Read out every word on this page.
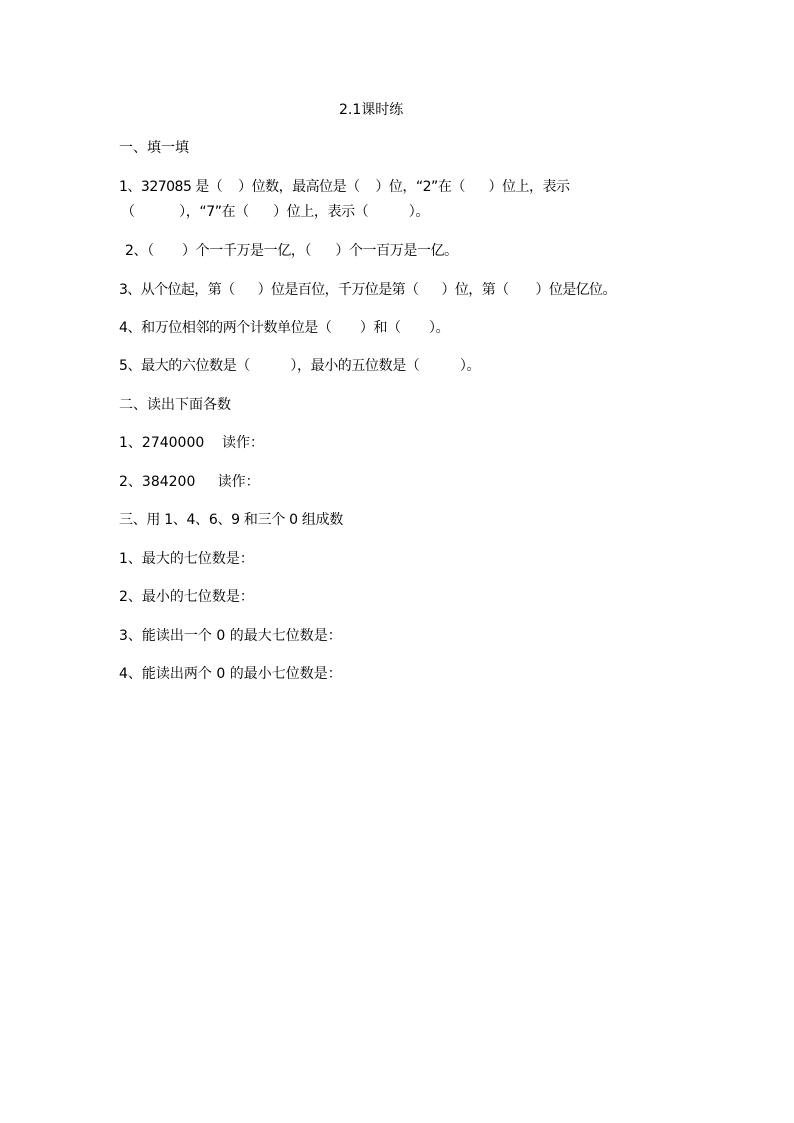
2.1课时练
一、填一填
1、327085 是（    ）位数，最高位是（    ）位，“2”在（      ）位上，表示
（           ），“7”在（      ）位上，表示（          ）。
2、（       ）个一千万是一亿，（      ）个一百万是一亿。
3、从个位起，第（      ）位是百位，千万位是第（      ）位，第（       ）位是亿位。
4、和万位相邻的两个计数单位是（       ）和（       ）。
5、最大的六位数是（          ），最小的五位数是（          ）。
二、读出下面各数
1、2740000    读作：
2、384200     读作：
三、用 1、4、6、9 和三个 0 组成数
1、最大的七位数是：
2、最小的七位数是：
3、能读出一个 0 的最大七位数是：
4、能读出两个 0 的最小七位数是：
